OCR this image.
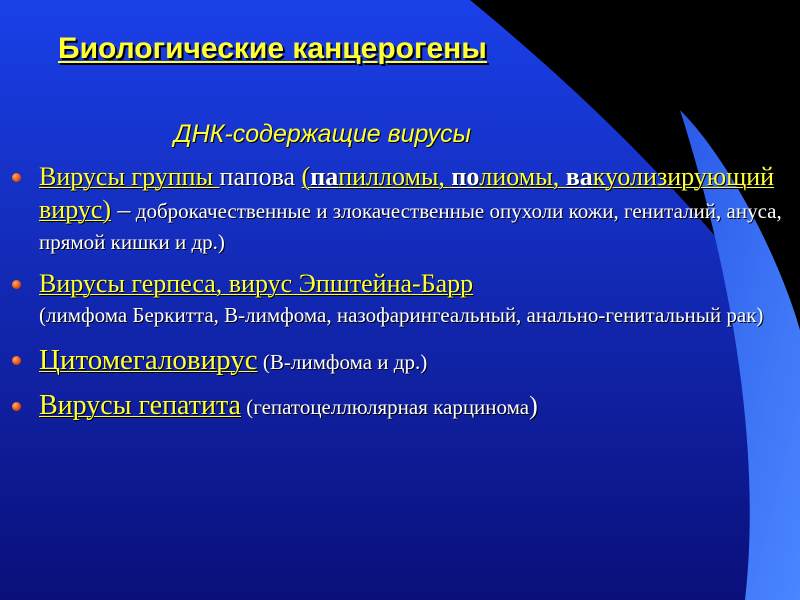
Биологические канцерогены
ДНК-содержащие вирусы
Вирусы группы папова (папилломы, полиомы, вакуолизирующий вирус) – доброкачественные и злокачественные опухоли кожи, гениталий, ануса, прямой кишки и др.)
Вирусы герпеса, вирус Эпштейна-Барр
(лимфома Беркитта, В-лимфома, назофарингеальный, анально-генитальный рак)
Цитомегаловирус (В-лимфома и др.)
Вирусы гепатита (гепатоцеллюлярная карцинома)
